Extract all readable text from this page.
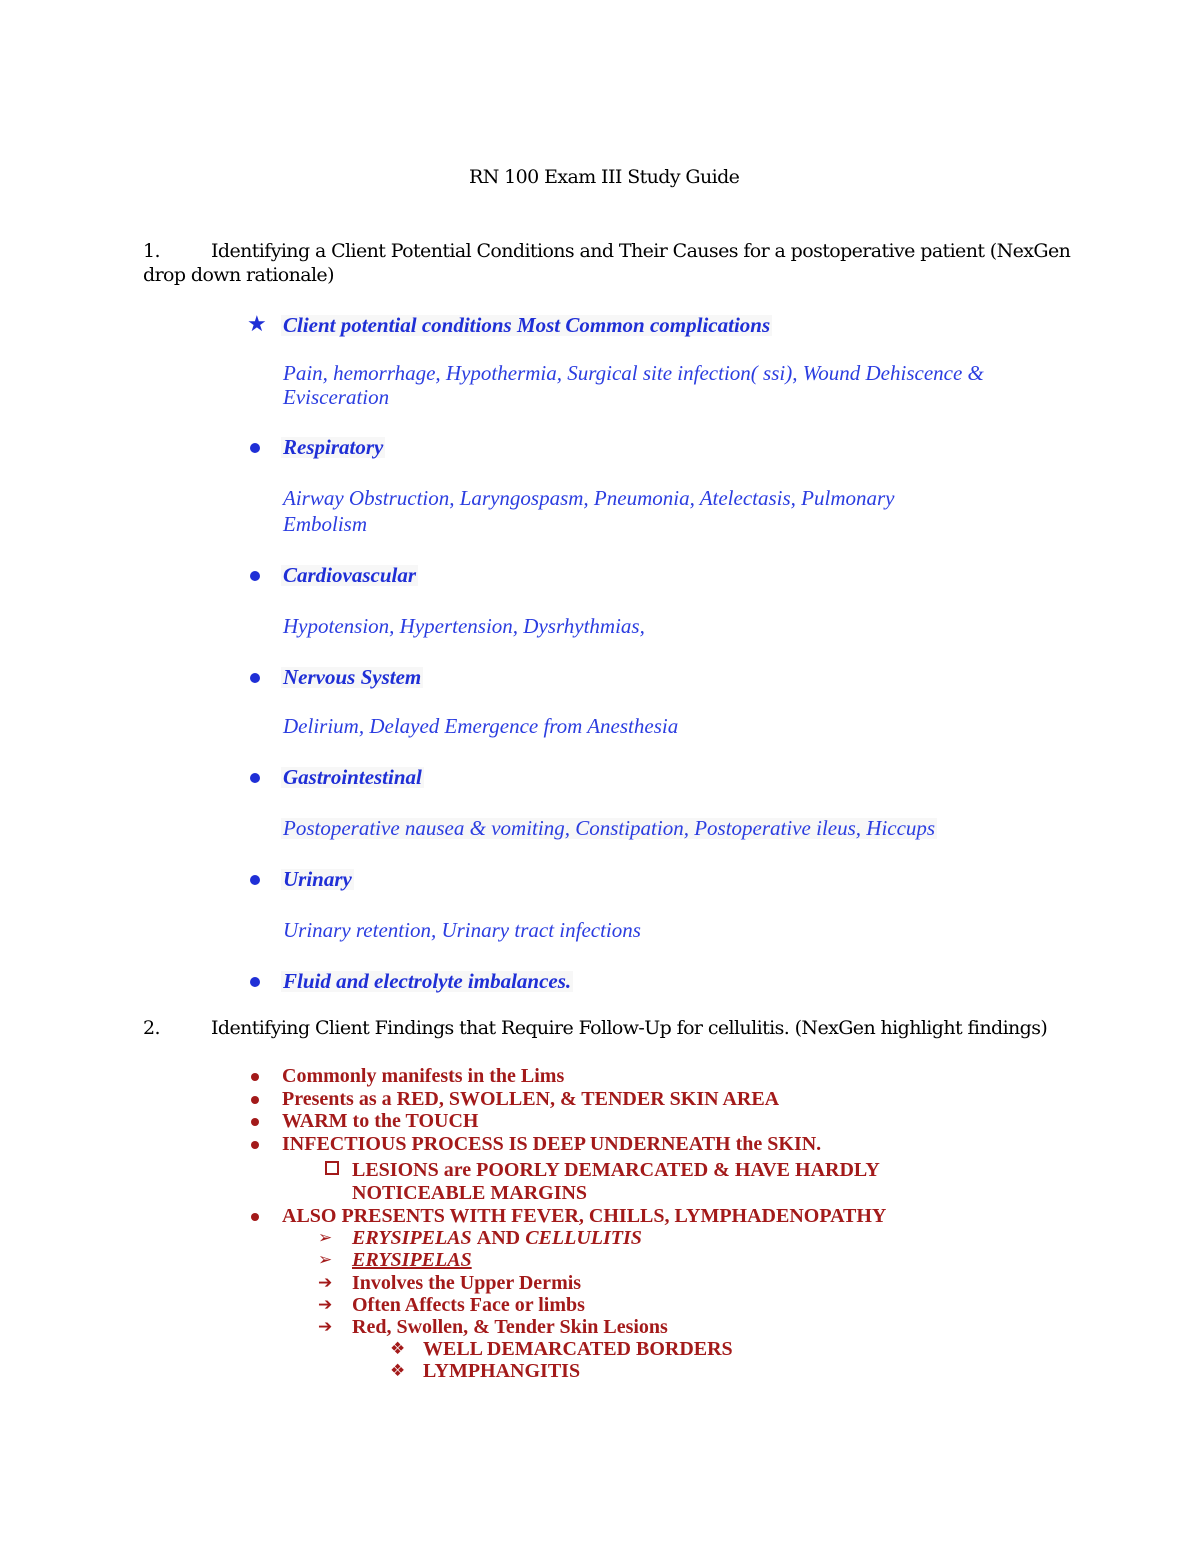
RN 100 Exam III Study Guide
1.	Identifying a Client Potential Conditions and Their Causes for a postoperative patient (NexGen
drop down rationale)
★ Client potential conditions Most Common complications
Pain, hemorrhage, Hypothermia, Surgical site infection( ssi), Wound Dehiscence &
Evisceration
Respiratory
Airway Obstruction, Laryngospasm, Pneumonia, Atelectasis, Pulmonary
Embolism
Cardiovascular
Hypotension, Hypertension, Dysrhythmias,
Nervous System
Delirium, Delayed Emergence from Anesthesia
Gastrointestinal
Postoperative nausea & vomiting, Constipation, Postoperative ileus, Hiccups
Urinary
Urinary retention, Urinary tract infections
Fluid and electrolyte imbalances.
2.	Identifying Client Findings that Require Follow-Up for cellulitis. (NexGen highlight findings)
Commonly manifests in the Lims
Presents as a RED, SWOLLEN, & TENDER SKIN AREA
WARM to the TOUCH
INFECTIOUS PROCESS IS DEEP UNDERNEATH the SKIN.
LESIONS are POORLY DEMARCATED & HAVE HARDLY
NOTICEABLE MARGINS
ALSO PRESENTS WITH FEVER, CHILLS, LYMPHADENOPATHY
➢ ERYSIPELAS AND CELLULITIS
➢ ERYSIPELAS
➔ Involves the Upper Dermis
➔ Often Affects Face or limbs
➔ Red, Swollen, & Tender Skin Lesions
❖ WELL DEMARCATED BORDERS
❖ LYMPHANGITIS
